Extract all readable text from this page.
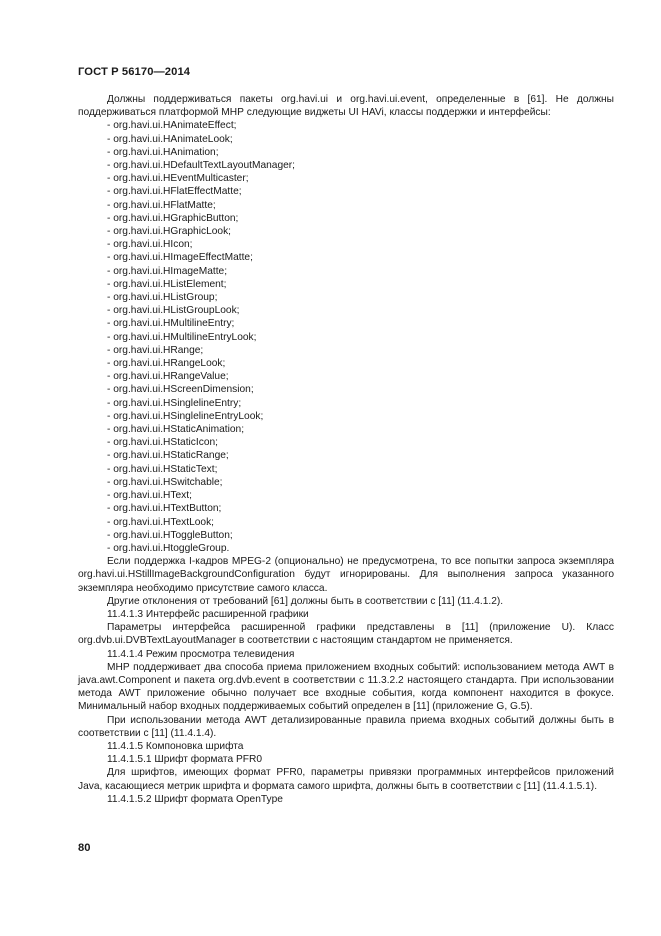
ГОСТ Р 56170—2014

Должны поддерживаться пакеты org.havi.ui и org.havi.ui.event, определенные в [61]. Не должны поддерживаться платформой МНР следующие виджеты UI HAVi, классы поддержки и интерфейсы:

- org.havi.ui.HAnimateEffect;
- org.havi.ui.HAnimateLook;
- org.havi.ui.HAnimation;
- org.havi.ui.HDefaultTextLayoutManager;
- org.havi.ui.HEventMulticaster;
- org.havi.ui.HFlatEffectMatte;
- org.havi.ui.HFlatMatte;
- org.havi.ui.HGraphicButton;
- org.havi.ui.HGraphicLook;
- org.havi.ui.HIcon;
- org.havi.ui.HImageEffectMatte;
- org.havi.ui.HImageMatte;
- org.havi.ui.HListElement;
- org.havi.ui.HListGroup;
- org.havi.ui.HListGroupLook;
- org.havi.ui.HMultilineEntry;
- org.havi.ui.HMultilineEntryLook;
- org.havi.ui.HRange;
- org.havi.ui.HRangeLook;
- org.havi.ui.HRangeValue;
- org.havi.ui.HScreenDimension;
- org.havi.ui.HSinglelineEntry;
- org.havi.ui.HSinglelineEntryLook;
- org.havi.ui.HStaticAnimation;
- org.havi.ui.HStaticIcon;
- org.havi.ui.HStaticRange;
- org.havi.ui.HStaticText;
- org.havi.ui.HSwitchable;
- org.havi.ui.HText;
- org.havi.ui.HTextButton;
- org.havi.ui.HTextLook;
- org.havi.ui.HToggleButton;
- org.havi.ui.HtoggleGroup.

Если поддержка I-кадров MPEG-2 (опционально) не предусмотрена, то все попытки запроса экземпляра org.havi.ui.HStillImageBackgroundConfiguration будут игнорированы. Для выполнения запроса указанного экземпляра необходимо присутствие самого класса.

Другие отклонения от требований [61] должны быть в соответствии с [11] (11.4.1.2).

11.4.1.3 Интерфейс расширенной графики

Параметры интерфейса расширенной графики представлены в [11] (приложение U). Класс org.dvb.ui.DVBTextLayoutManager в соответствии с настоящим стандартом не применяется.

11.4.1.4 Режим просмотра телевидения

МНР поддерживает два способа приема приложением входных событий: использованием метода AWT в java.awt.Component и пакета org.dvb.event в соответствии с 11.3.2.2 настоящего стандарта. При использовании метода AWT приложение обычно получает все входные события, когда компонент находится в фокусе. Минимальный набор входных поддерживаемых событий определен в [11] (приложение G, G.5).

При использовании метода AWT детализированные правила приема входных событий должны быть в соответствии с [11] (11.4.1.4).

11.4.1.5 Компоновка шрифта

11.4.1.5.1 Шрифт формата PFR0

Для шрифтов, имеющих формат PFR0, параметры привязки программных интерфейсов приложений Java, касающиеся метрик шрифта и формата самого шрифта, должны быть в соответствии с [11] (11.4.1.5.1).

11.4.1.5.2 Шрифт формата OpenType

80
